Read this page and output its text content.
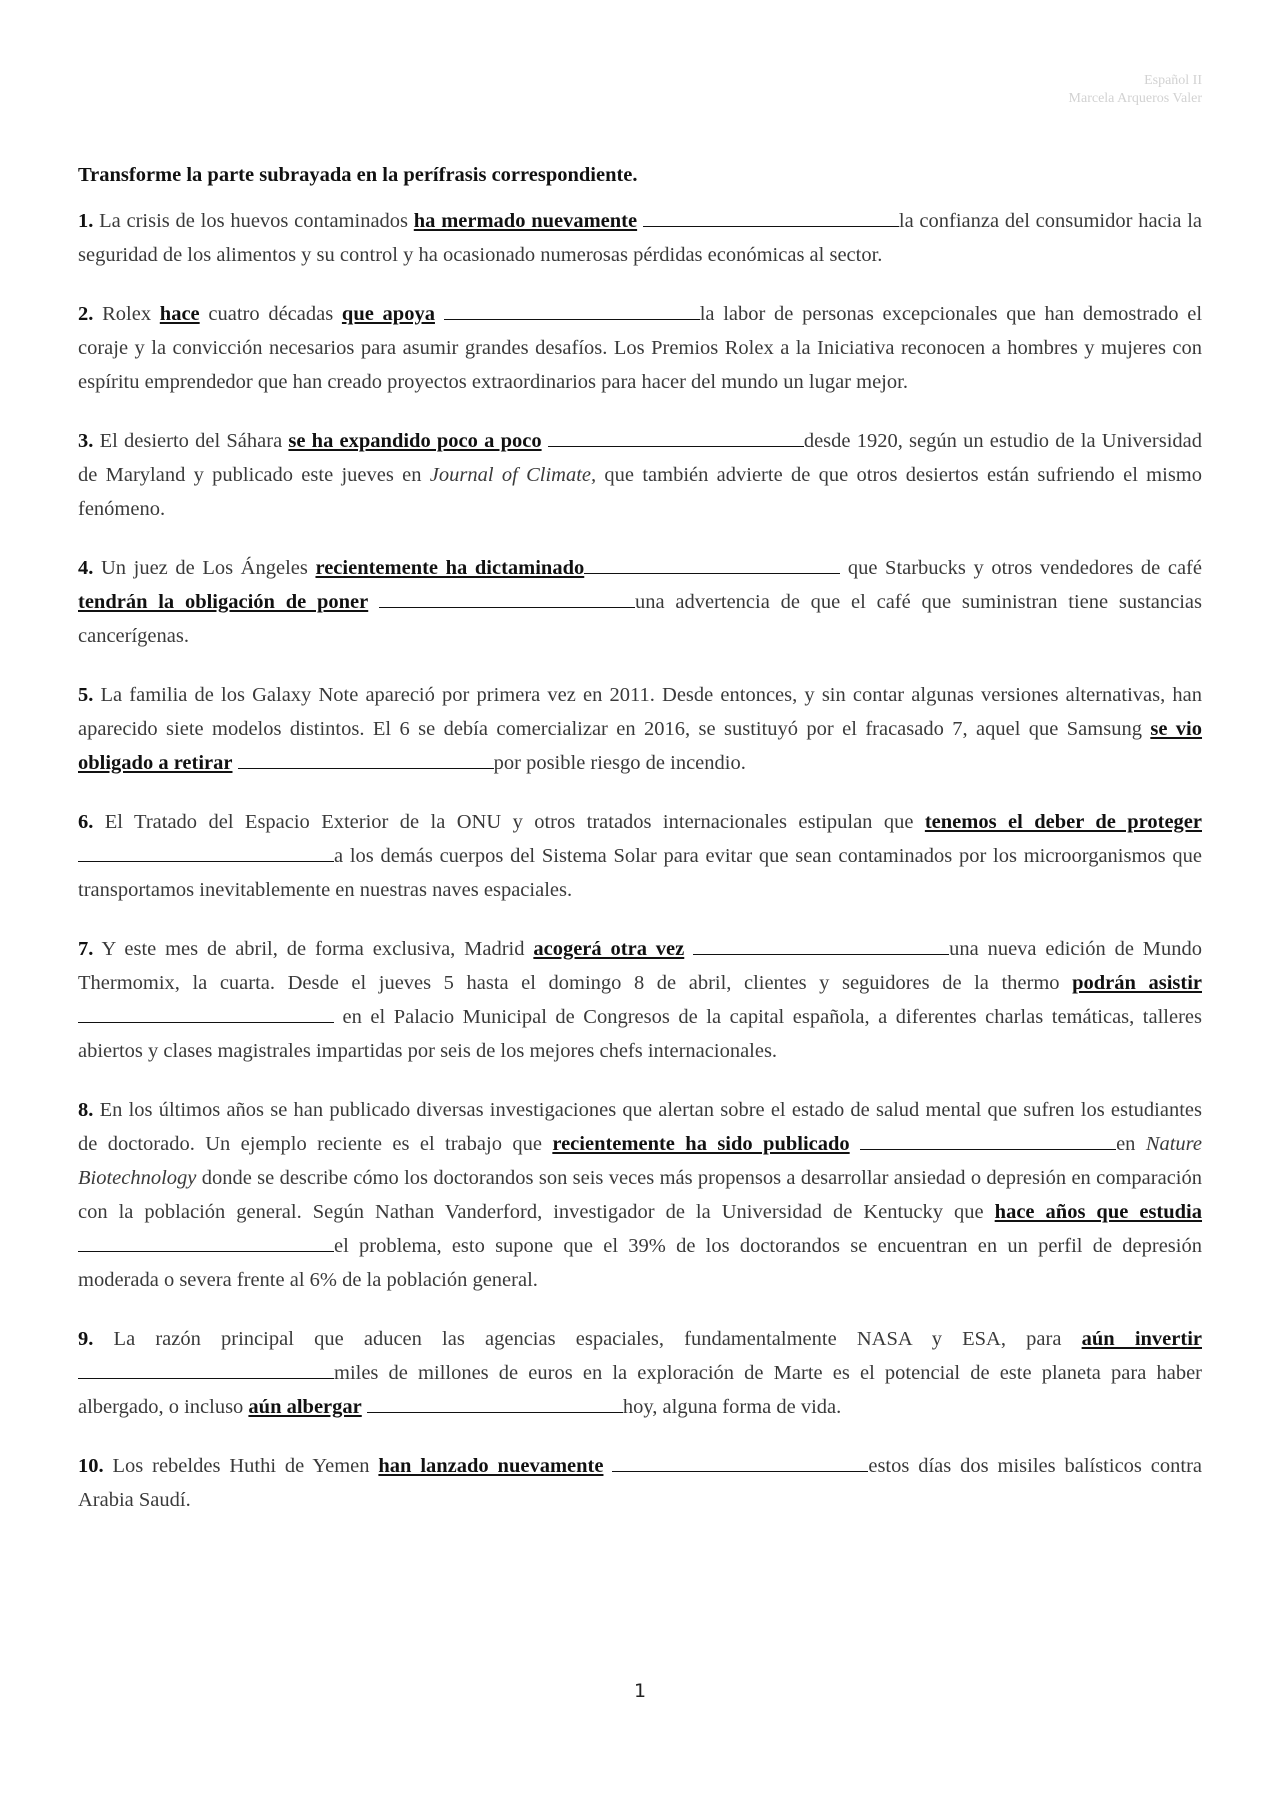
Español II
Marcela Arqueros Valer
Transforme la parte subrayada en la perífrasis correspondiente.

1. La crisis de los huevos contaminados ha mermado nuevamente	la confianza del consumidor hacia la seguridad de los alimentos y su control y ha ocasionado numerosas pérdidas económicas al sector.

2. Rolex hace cuatro décadas que apoya	la labor de personas excepcionales que han demostrado el coraje y la convicción necesarios para asumir grandes desafíos. Los Premios Rolex a la Iniciativa reconocen a hombres y mujeres con espíritu emprendedor que han creado proyectos extraordinarios para hacer del mundo un lugar mejor.

3. El desierto del Sáhara se ha expandido poco a poco	desde 1920, según un estudio de la Universidad de Maryland y publicado este jueves en Journal of Climate, que también advierte de que otros desiertos están sufriendo el mismo fenómeno.

4. Un juez de Los Ángeles recientemente ha dictaminado	que Starbucks y otros vendedores de café tendrán la obligación de poner	una advertencia de que el café que suministran tiene sustancias cancerígenas.

5. La familia de los Galaxy Note apareció por primera vez en 2011. Desde entonces, y sin contar algunas versiones alternativas, han aparecido siete modelos distintos. El 6 se debía comercializar en 2016, se sustituyó por el fracasado 7, aquel que Samsung se vio obligado a retirar	por posible riesgo de incendio.

6. El Tratado del Espacio Exterior de la ONU y otros tratados internacionales estipulan que tenemos el deber de proteger a los demás cuerpos del Sistema Solar para evitar que sean contaminados por los microorganismos que transportamos inevitablemente en nuestras naves espaciales.

7. Y este mes de abril, de forma exclusiva, Madrid acogerá otra vez	una nueva edición de Mundo Thermomix, la cuarta. Desde el jueves 5 hasta el domingo 8 de abril, clientes y seguidores de la thermo podrán asistir  en el Palacio Municipal de Congresos de la capital española, a diferentes charlas temáticas, talleres abiertos y clases magistrales impartidas por seis de los mejores chefs internacionales.

8. En los últimos años se han publicado diversas investigaciones que alertan sobre el estado de salud mental que sufren los estudiantes de doctorado. Un ejemplo reciente es el trabajo que recientemente ha sido publicado	en Nature Biotechnology donde se describe cómo los doctorandos son seis veces más propensos a desarrollar ansiedad o depresión en comparación con la población general. Según Nathan Vanderford, investigador de la Universidad de Kentucky que hace años que estudia el problema, esto supone que el 39% de los doctorandos se encuentran en un perfil de depresión moderada o severa frente al 6% de la población general.

9. La razón principal que aducen las agencias espaciales, fundamentalmente NASA y ESA, para aún invertir miles de millones de euros en la exploración de Marte es el potencial de este planeta para haber albergado, o incluso aún albergar	hoy, alguna forma de vida.

10. Los rebeldes Huthi de Yemen han lanzado nuevamente	estos días dos misiles balísticos contra Arabia Saudí.

1
